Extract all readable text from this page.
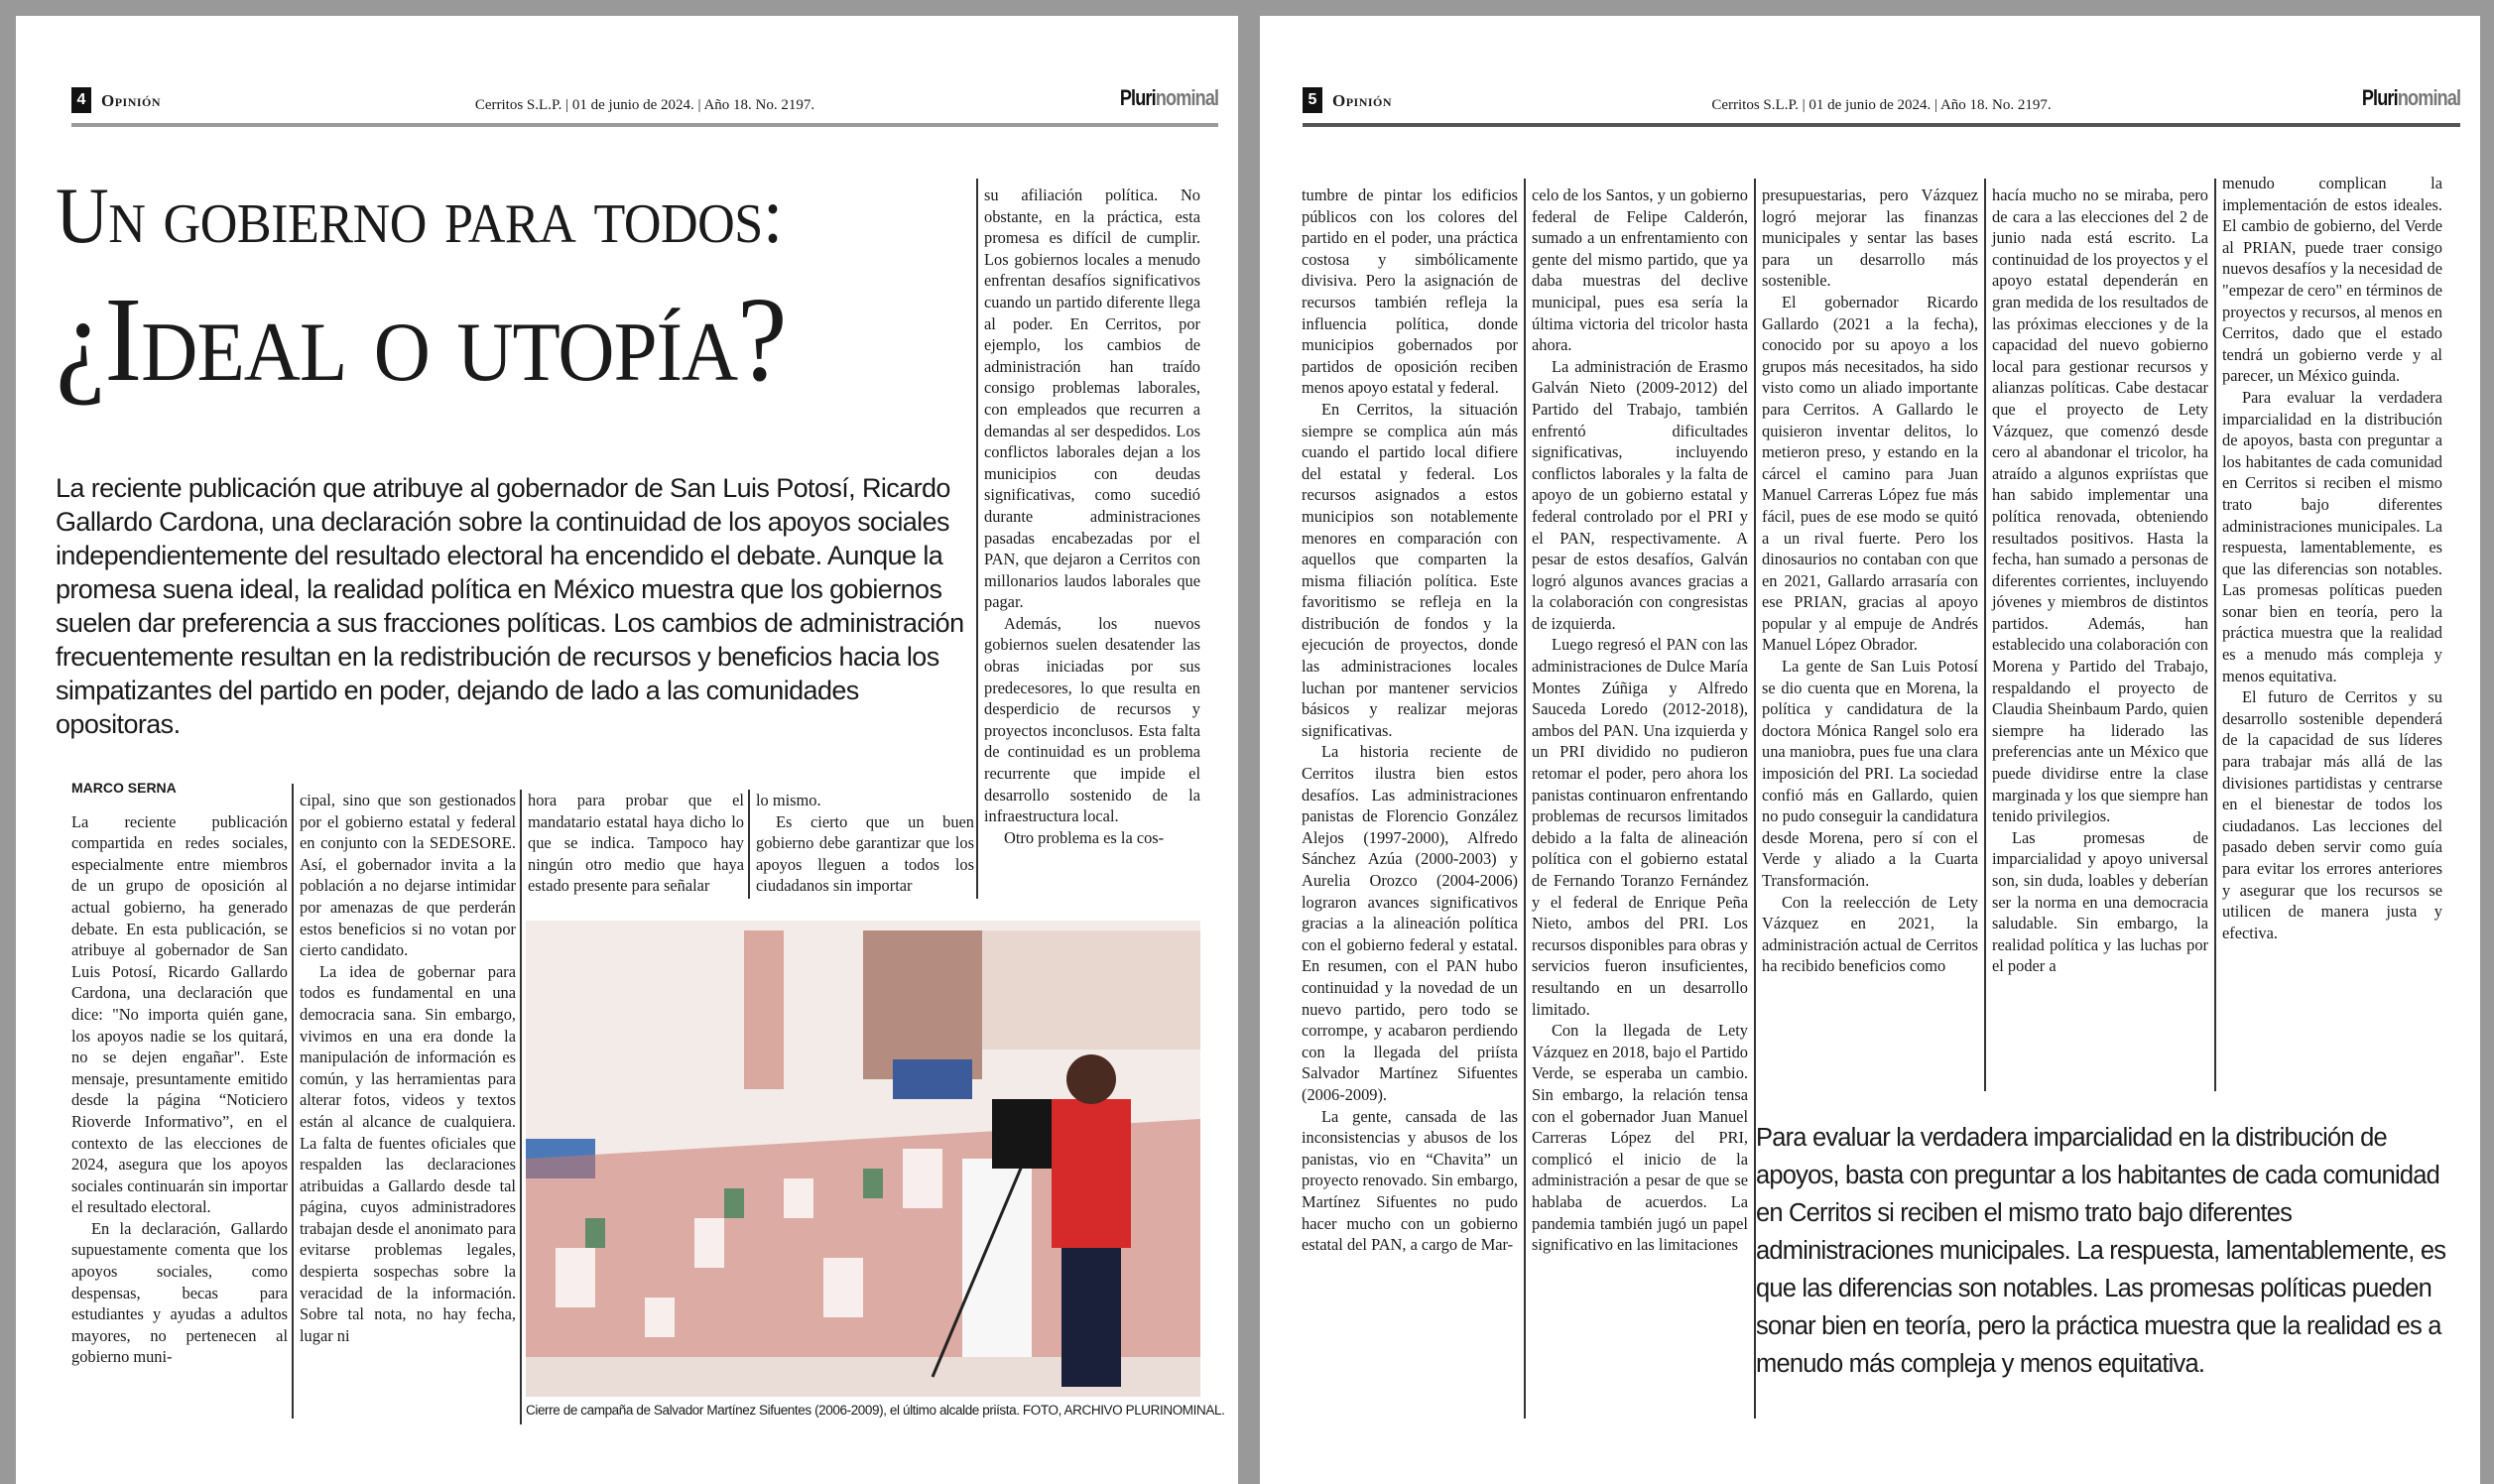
4 Opinión	Cerritos S.L.P. | 01 de junio de 2024. | Año 18. No. 2197.	Plurinominal	5 Opinión	Cerritos S.L.P. | 01 de junio de 2024. | Año 18. No. 2197.	Plurinominal
Un gobierno para todos:
¿Ideal o utopía?
La reciente publicación que atribuye al gobernador de San Luis Potosí, Ricardo Gallardo Cardona, una declaración sobre la continuidad de los apoyos sociales independientemente del resultado electoral ha encendido el debate. Aunque la promesa suena ideal, la realidad política en México muestra que los gobiernos suelen dar preferencia a sus fracciones políticas. Los cambios de administración frecuentemente resultan en la redistribución de recursos y beneficios hacia los simpatizantes del partido en poder, dejando de lado a las comunidades opositoras.
MARCO SERNA

La reciente publicación compartida en redes sociales, especialmente entre miembros de un grupo de oposición al actual gobierno, ha generado debate. En esta publicación, se atribuye al gobernador de San Luis Potosí, Ricardo Gallardo Cardona, una declaración que dice: "No importa quién gane, los apoyos nadie se los quitará, no se dejen engañar". Este mensaje, presuntamente emitido desde la página “Noticiero Rioverde Informativo”, en el contexto de las elecciones de 2024, asegura que los apoyos sociales continuarán sin importar el resultado electoral.

En la declaración, Gallardo supuestamente comenta que los apoyos sociales, como despensas, becas para estudiantes y ayudas a adultos mayores, no pertenecen al gobierno muni-

cipal, sino que son gestionados por el gobierno estatal y federal en conjunto con la SEDESORE. Así, el gobernador invita a la población a no dejarse intimidar por amenazas de que perderán estos beneficios si no votan por cierto candidato.

La idea de gobernar para todos es fundamental en una democracia sana. Sin embargo, vivimos en una era donde la manipulación de información es común, y las herramientas para alterar fotos, videos y textos están al alcance de cualquiera. La falta de fuentes oficiales que respalden las declaraciones atribuidas a Gallardo desde tal página, cuyos administradores trabajan desde el anonimato para evitarse problemas legales, despierta sospechas sobre la veracidad de la información. Sobre tal nota, no hay fecha, lugar ni

hora para probar que el mandatario estatal haya dicho lo que se indica. Tampoco hay ningún otro medio que haya estado presente para señalar

lo mismo.

Es cierto que un buen gobierno debe garantizar que los apoyos lleguen a todos los ciudadanos sin importar

su afiliación política. No obstante, en la práctica, esta promesa es difícil de cumplir. Los gobiernos locales a menudo enfrentan desafíos significativos cuando un partido diferente llega al poder. En Cerritos, por ejemplo, los cambios de administración han traído consigo problemas laborales, con empleados que recurren a demandas al ser despedidos. Los conflictos laborales dejan a los municipios con deudas significativas, como sucedió durante administraciones pasadas encabezadas por el PAN, que dejaron a Cerritos con millonarios laudos laborales que pagar.

Además, los nuevos gobiernos suelen desatender las obras iniciadas por sus predecesores, lo que resulta en desperdicio de recursos y proyectos inconclusos. Esta falta de continuidad es un problema recurrente que impide el desarrollo sostenido de la infraestructura local.

Otro problema es la cos-

Cierre de campaña de Salvador Martínez Sifuentes (2006-2009), el último alcalde priísta. FOTO, ARCHIVO PLURINOMINAL.

tumbre de pintar los edificios públicos con los colores del partido en el poder, una práctica costosa y simbólicamente divisiva. Pero la asignación de recursos también refleja la influencia política, donde municipios gobernados por partidos de oposición reciben menos apoyo estatal y federal.

En Cerritos, la situación siempre se complica aún más cuando el partido local difiere del estatal y federal. Los recursos asignados a estos municipios son notablemente menores en comparación con aquellos que comparten la misma filiación política. Este favoritismo se refleja en la distribución de fondos y la ejecución de proyectos, donde las administraciones locales luchan por mantener servicios básicos y realizar mejoras significativas.

La historia reciente de Cerritos ilustra bien estos desafíos. Las administraciones panistas de Florencio González Alejos (1997-2000), Alfredo Sánchez Azúa (2000-2003) y Aurelia Orozco (2004-2006) lograron avances significativos gracias a la alineación política con el gobierno federal y estatal. En resumen, con el PAN hubo continuidad y la novedad de un nuevo partido, pero todo se corrompe, y acabaron perdiendo con la llegada del priísta Salvador Martínez Sifuentes (2006-2009).

La gente, cansada de las inconsistencias y abusos de los panistas, vio en “Chavita” un proyecto renovado. Sin embargo, Martínez Sifuentes no pudo hacer mucho con un gobierno estatal del PAN, a cargo de Mar-

celo de los Santos, y un gobierno federal de Felipe Calderón, sumado a un enfrentamiento con gente del mismo partido, que ya daba muestras del declive municipal, pues esa sería la última victoria del tricolor hasta ahora.

La administración de Erasmo Galván Nieto (2009-2012) del Partido del Trabajo, también enfrentó dificultades significativas, incluyendo conflictos laborales y la falta de apoyo de un gobierno estatal y federal controlado por el PRI y el PAN, respectivamente. A pesar de estos desafíos, Galván logró algunos avances gracias a la colaboración con congresistas de izquierda.

Luego regresó el PAN con las administraciones de Dulce María Montes Zúñiga y Alfredo Sauceda Loredo (2012-2018), ambos del PAN. Una izquierda y un PRI dividido no pudieron retomar el poder, pero ahora los panistas continuaron enfrentando problemas de recursos limitados debido a la falta de alineación política con el gobierno estatal de Fernando Toranzo Fernández y el federal de Enrique Peña Nieto, ambos del PRI. Los recursos disponibles para obras y servicios fueron insuficientes, resultando en un desarrollo limitado.

Con la llegada de Lety Vázquez en 2018, bajo el Partido Verde, se esperaba un cambio. Sin embargo, la relación tensa con el gobernador Juan Manuel Carreras López del PRI, complicó el inicio de la administración a pesar de que se hablaba de acuerdos. La pandemia también jugó un papel significativo en las limitaciones

presupuestarias, pero Vázquez logró mejorar las finanzas municipales y sentar las bases para un desarrollo más sostenible.

El gobernador Ricardo Gallardo (2021 a la fecha), conocido por su apoyo a los grupos más necesitados, ha sido visto como un aliado importante para Cerritos. A Gallardo le quisieron inventar delitos, lo metieron preso, y estando en la cárcel el camino para Juan Manuel Carreras López fue más fácil, pues de ese modo se quitó a un rival fuerte. Pero los dinosaurios no contaban con que en 2021, Gallardo arrasaría con ese PRIAN, gracias al apoyo popular y al empuje de Andrés Manuel López Obrador.

La gente de San Luis Potosí se dio cuenta que en Morena, la política y candidatura de la doctora Mónica Rangel solo era una maniobra, pues fue una clara imposición del PRI. La sociedad confió más en Gallardo, quien no pudo conseguir la candidatura desde Morena, pero sí con el Verde y aliado a la Cuarta Transformación.

Con la reelección de Lety Vázquez en 2021, la administración actual de Cerritos ha recibido beneficios como

hacía mucho no se miraba, pero de cara a las elecciones del 2 de junio nada está escrito. La continuidad de los proyectos y el apoyo estatal dependerán en gran medida de los resultados de las próximas elecciones y de la capacidad del nuevo gobierno local para gestionar recursos y alianzas políticas. Cabe destacar que el proyecto de Lety Vázquez, que comenzó desde cero al abandonar el tricolor, ha atraído a algunos expriístas que han sabido implementar una política renovada, obteniendo resultados positivos. Hasta la fecha, han sumado a personas de diferentes corrientes, incluyendo jóvenes y miembros de distintos partidos. Además, han establecido una colaboración con Morena y Partido del Trabajo, respaldando el proyecto de Claudia Sheinbaum Pardo, quien siempre ha liderado las preferencias ante un México que puede dividirse entre la clase marginada y los que siempre han tenido privilegios.

Las promesas de imparcialidad y apoyo universal son, sin duda, loables y deberían ser la norma en una democracia saludable. Sin embargo, la realidad política y las luchas por el poder a

menudo complican la implementación de estos ideales. El cambio de gobierno, del Verde al PRIAN, puede traer consigo nuevos desafíos y la necesidad de "empezar de cero" en términos de proyectos y recursos, al menos en Cerritos, dado que el estado tendrá un gobierno verde y al parecer, un México guinda.

Para evaluar la verdadera imparcialidad en la distribución de apoyos, basta con preguntar a los habitantes de cada comunidad en Cerritos si reciben el mismo trato bajo diferentes administraciones municipales. La respuesta, lamentablemente, es que las diferencias son notables. Las promesas políticas pueden sonar bien en teoría, pero la práctica muestra que la realidad es a menudo más compleja y menos equitativa.

El futuro de Cerritos y su desarrollo sostenible dependerá de la capacidad de sus líderes para trabajar más allá de las divisiones partidistas y centrarse en el bienestar de todos los ciudadanos. Las lecciones del pasado deben servir como guía para evitar los errores anteriores y asegurar que los recursos se utilicen de manera justa y efectiva.

Para evaluar la verdadera imparcialidad en la distribución de apoyos, basta con preguntar a los habitantes de cada comunidad en Cerritos si reciben el mismo trato bajo diferentes administraciones municipales. La respuesta, lamentablemente, es que las diferencias son notables. Las promesas políticas pueden sonar bien en teoría, pero la práctica muestra que la realidad es a menudo más compleja y menos equitativa.
